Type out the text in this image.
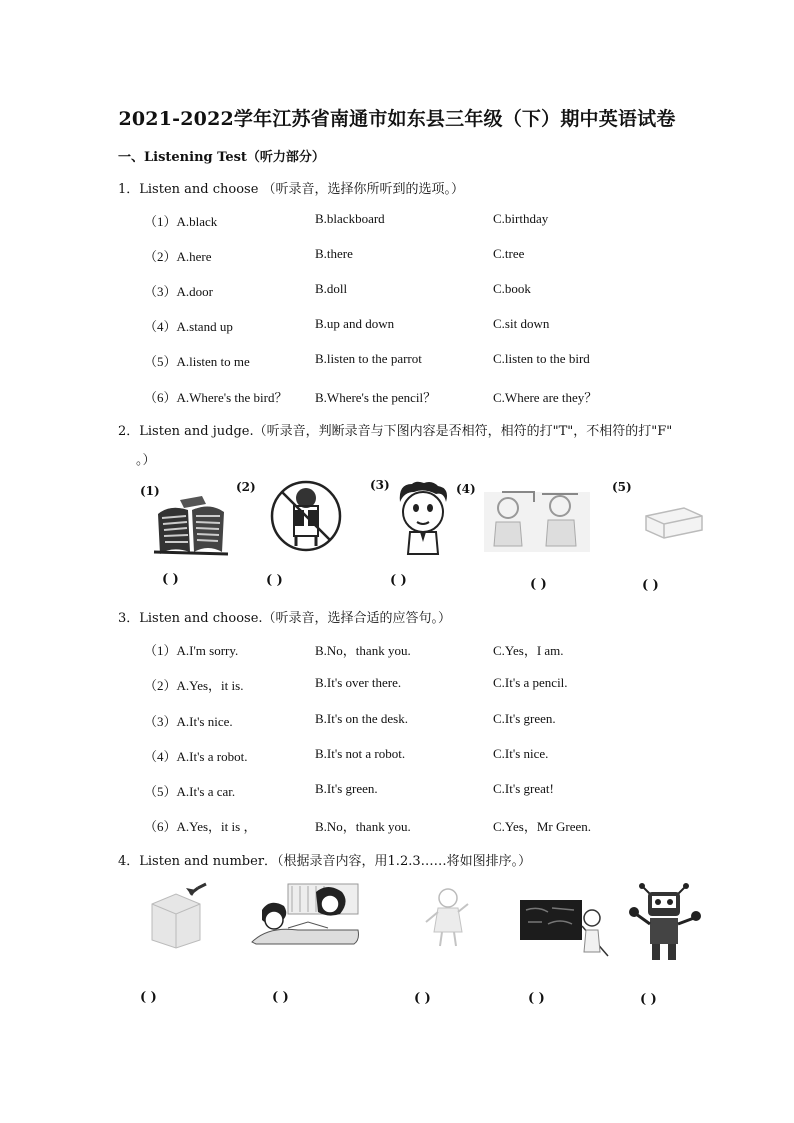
2021-2022学年江苏省南通市如东县三年级（下）期中英语试卷
一、Listening Test（听力部分）
1．Listen and choose （听录音，选择你所听到的选项。）
（1）A.black	B.blackboard	C.birthday
（2）A.here	B.there	C.tree
（3）A.door	B.doll	C.book
（4）A.stand up	B.up and down	C.sit down
（5）A.listen to me	B.listen to the parrot	C.listen to the bird
（6）A.Where's the bird？ B.Where's the pencil？	C.Where are they？
2．Listen and judge.（听录音，判断录音与下图内容是否相符，相符的打"T"，不相符的打"F"
。）
(1)	(2)	(3)	(4)	(5)
( )	( )	( )	( )	( )
3．Listen and choose.（听录音，选择合适的应答句。）
（1）A.I'm sorry.	B.No，thank you.	C.Yes，I am.
（2）A.Yes，it is.	B.It's over there.	C.It's a pencil.
（3）A.It's nice.	B.It's on the desk.	C.It's green.
（4）A.It's a robot.	B.It's not a robot.	C.It's nice.
（5）A.It's a car.	B.It's green.	C.It's great!
（6）A.Yes，it is ，	B.No，thank you.	C.Yes，Mr Green.
4．Listen and number．（根据录音内容，用1.2.3……将如图排序。）
( )	( )	( )	( )	( )
